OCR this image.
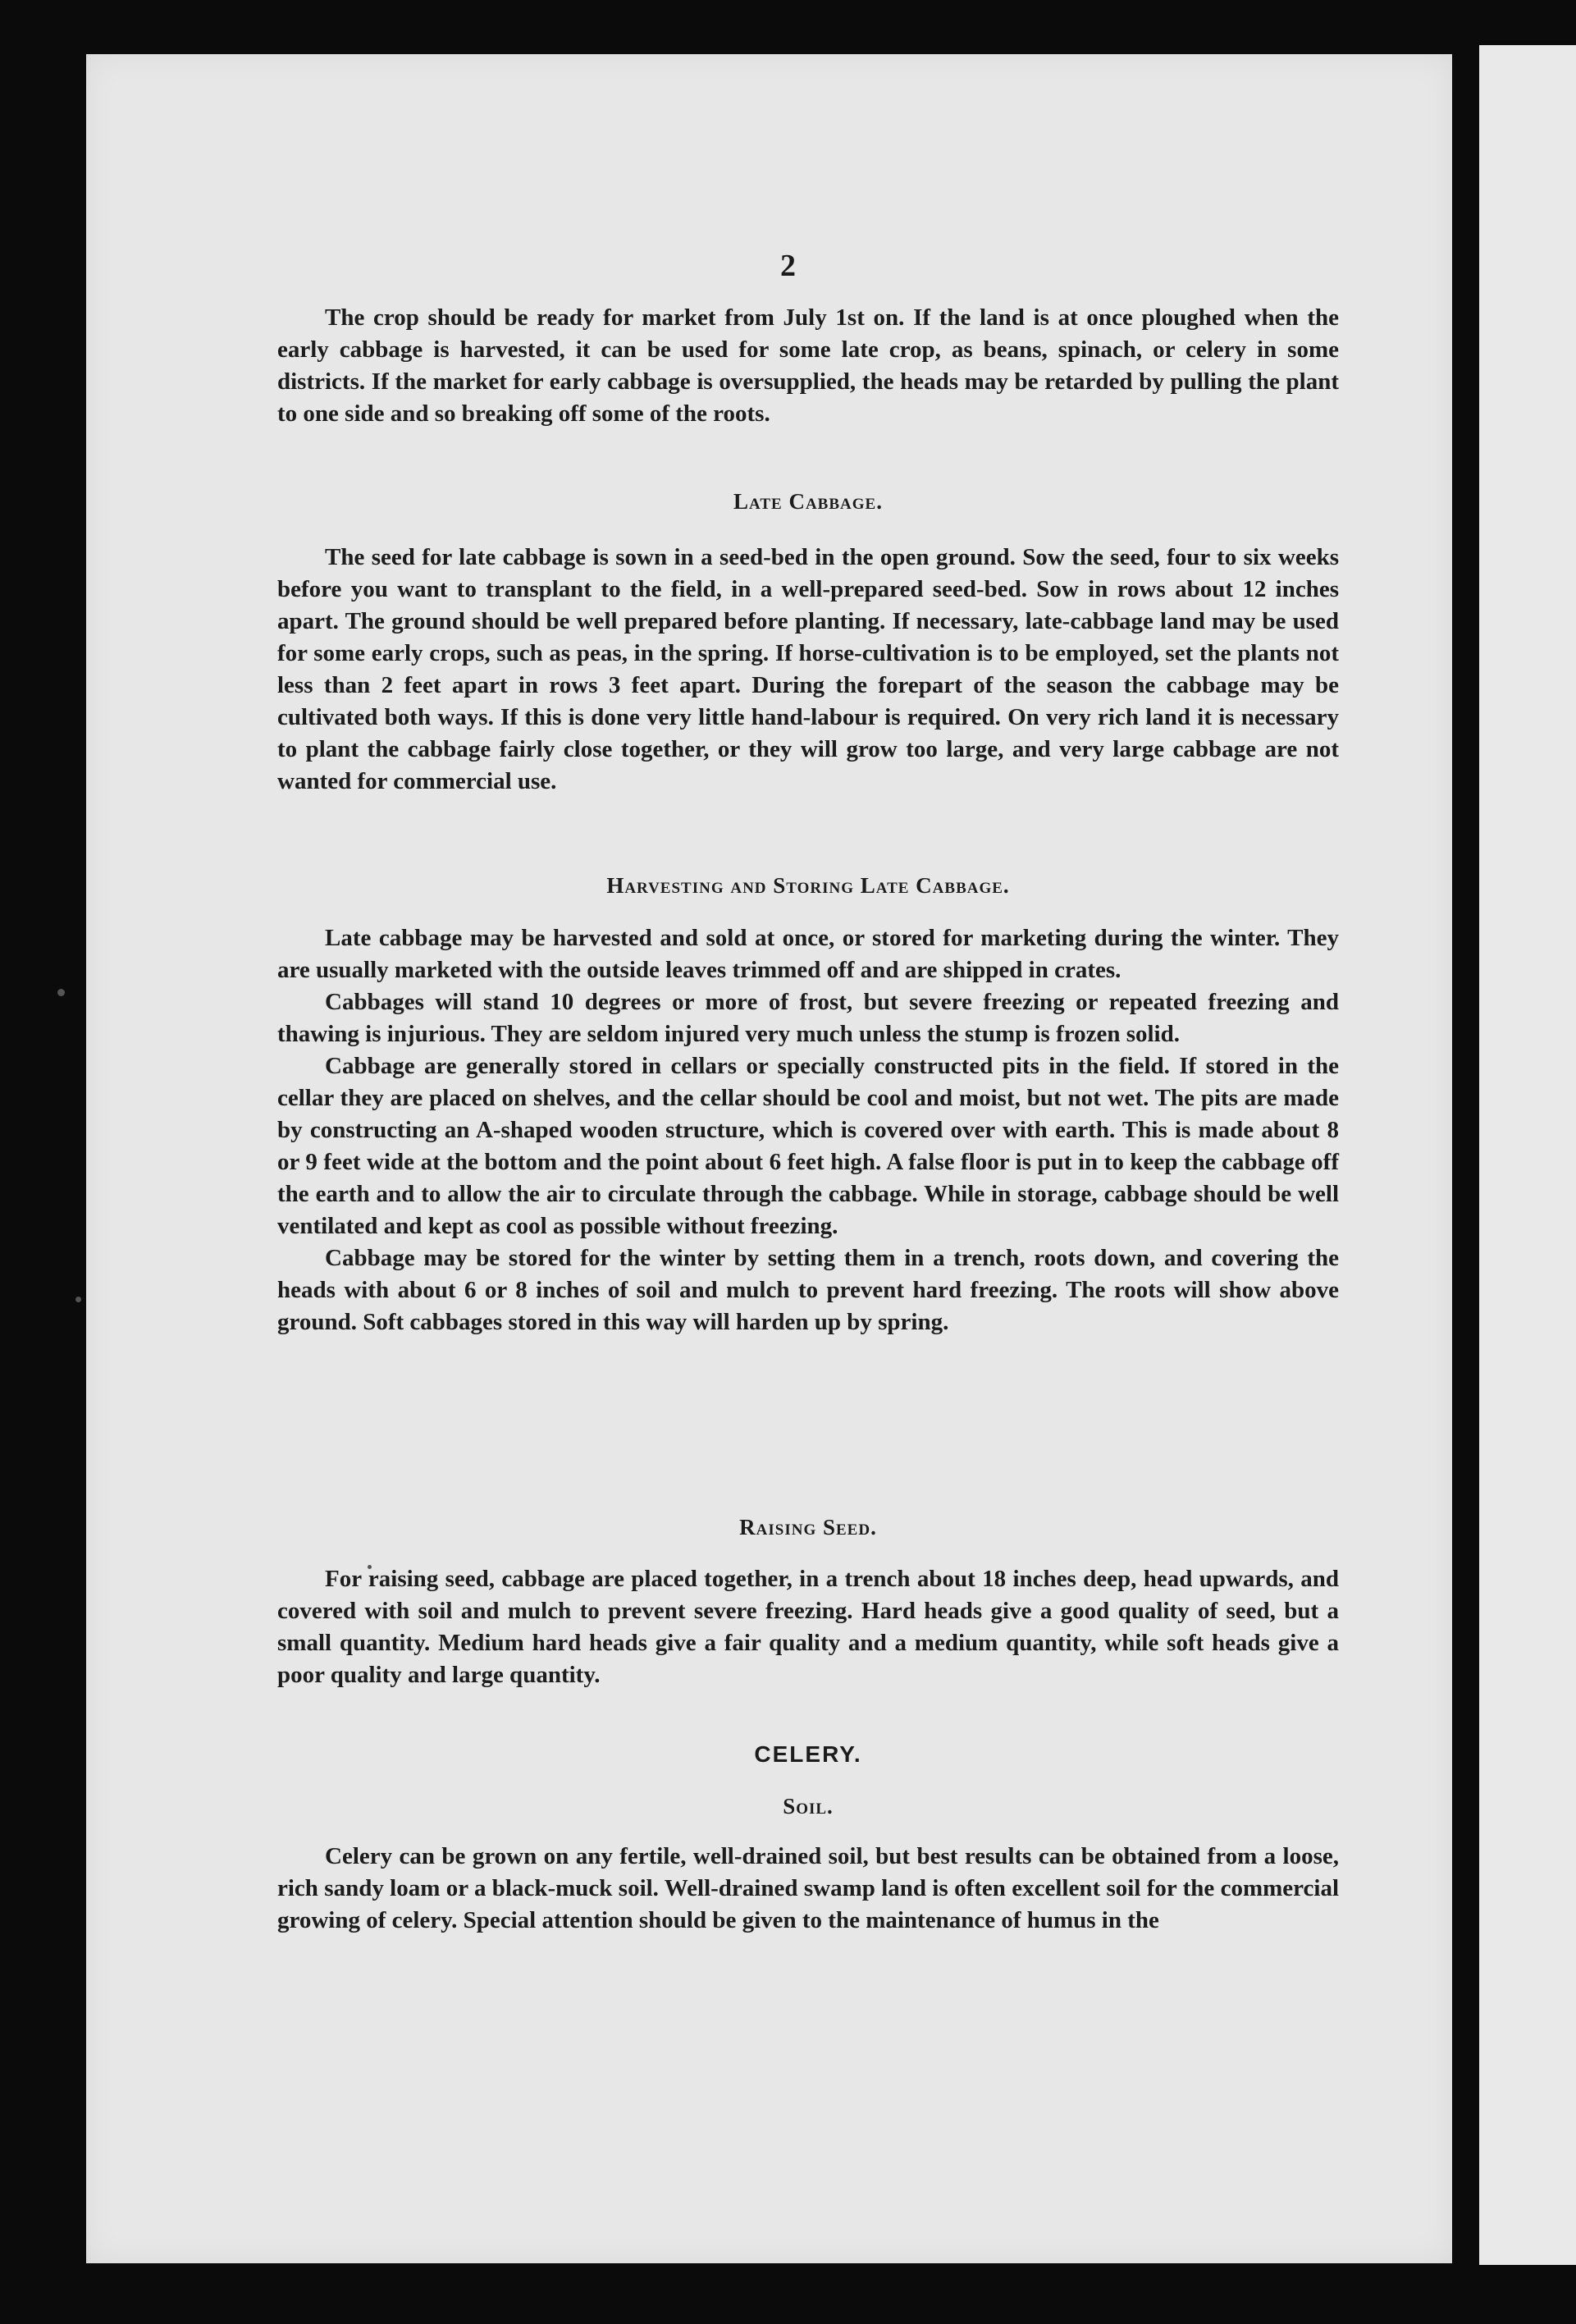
2

The crop should be ready for market from July 1st on. If the land is at once ploughed when the early cabbage is harvested, it can be used for some late crop, as beans, spinach, or celery in some districts. If the market for early cabbage is oversupplied, the heads may be retarded by pulling the plant to one side and so breaking off some of the roots.

Late Cabbage.

The seed for late cabbage is sown in a seed-bed in the open ground. Sow the seed, four to six weeks before you want to transplant to the field, in a well-prepared seed-bed. Sow in rows about 12 inches apart. The ground should be well prepared before planting. If necessary, late-cabbage land may be used for some early crops, such as peas, in the spring. If horse-cultivation is to be employed, set the plants not less than 2 feet apart in rows 3 feet apart. During the forepart of the season the cabbage may be cultivated both ways. If this is done very little hand-labour is required. On very rich land it is necessary to plant the cabbage fairly close together, or they will grow too large, and very large cabbage are not wanted for commercial use.

Harvesting and Storing Late Cabbage.

Late cabbage may be harvested and sold at once, or stored for marketing during the winter. They are usually marketed with the outside leaves trimmed off and are shipped in crates.

Cabbages will stand 10 degrees or more of frost, but severe freezing or repeated freezing and thawing is injurious. They are seldom injured very much unless the stump is frozen solid.

Cabbage are generally stored in cellars or specially constructed pits in the field. If stored in the cellar they are placed on shelves, and the cellar should be cool and moist, but not wet. The pits are made by constructing an A-shaped wooden structure, which is covered over with earth. This is made about 8 or 9 feet wide at the bottom and the point about 6 feet high. A false floor is put in to keep the cabbage off the earth and to allow the air to circulate through the cabbage. While in storage, cabbage should be well ventilated and kept as cool as possible without freezing.

Cabbage may be stored for the winter by setting them in a trench, roots down, and covering the heads with about 6 or 8 inches of soil and mulch to prevent hard freezing. The roots will show above ground. Soft cabbages stored in this way will harden up by spring.

Raising Seed.

For raising seed, cabbage are placed together, in a trench about 18 inches deep, head upwards, and covered with soil and mulch to prevent severe freezing. Hard heads give a good quality of seed, but a small quantity. Medium hard heads give a fair quality and a medium quantity, while soft heads give a poor quality and large quantity.

CELERY.
Soil.

Celery can be grown on any fertile, well-drained soil, but best results can be obtained from a loose, rich sandy loam or a black-muck soil. Well-drained swamp land is often excellent soil for the commercial growing of celery. Special attention should be given to the maintenance of humus in the
